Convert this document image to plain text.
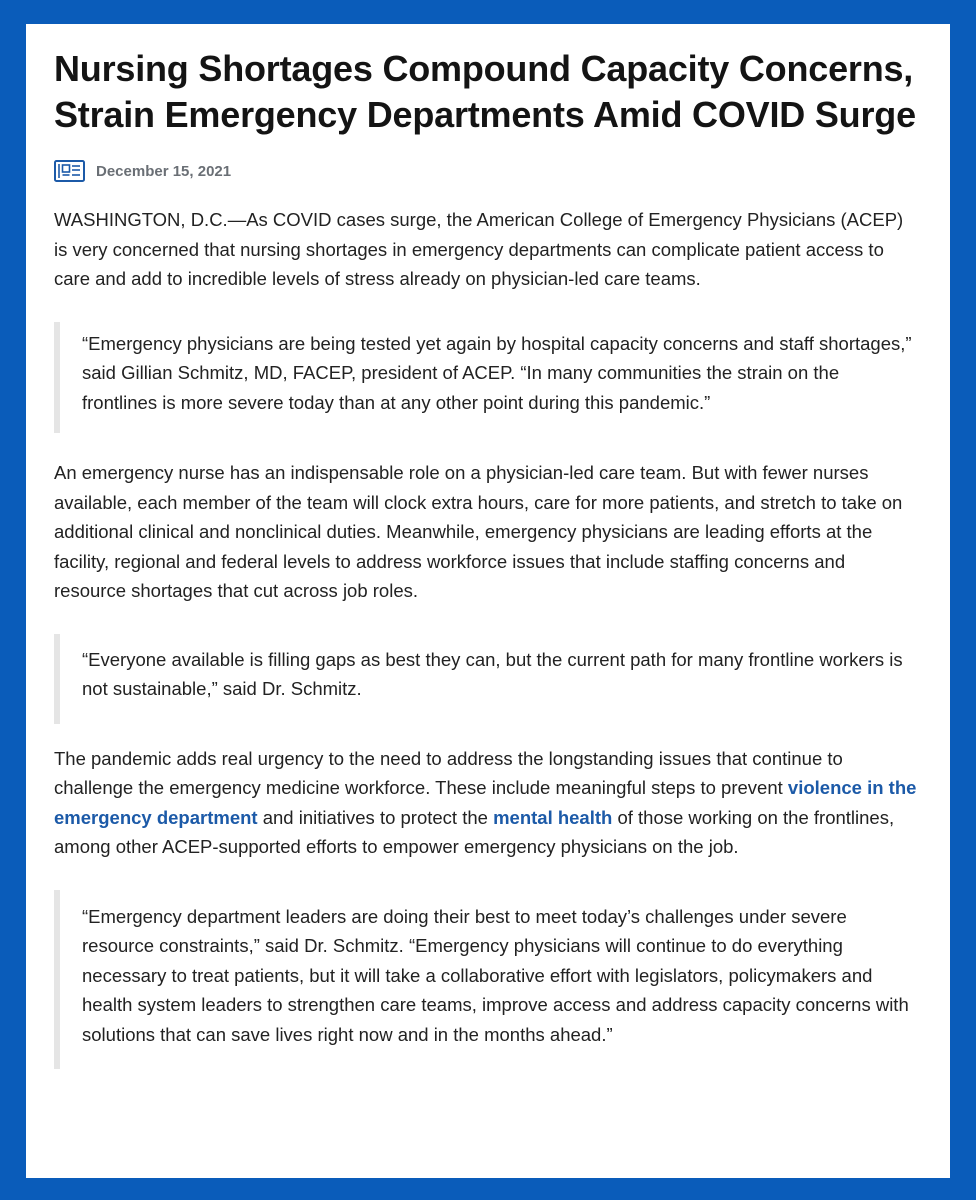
Nursing Shortages Compound Capacity Concerns, Strain Emergency Departments Amid COVID Surge
December 15, 2021

WASHINGTON, D.C.—As COVID cases surge, the American College of Emergency Physicians (ACEP) is very concerned that nursing shortages in emergency departments can complicate patient access to care and add to incredible levels of stress already on physician-led care teams.

“Emergency physicians are being tested yet again by hospital capacity concerns and staff shortages,” said Gillian Schmitz, MD, FACEP, president of ACEP. “In many communities the strain on the frontlines is more severe today than at any other point during this pandemic.”

An emergency nurse has an indispensable role on a physician-led care team. But with fewer nurses available, each member of the team will clock extra hours, care for more patients, and stretch to take on additional clinical and nonclinical duties. Meanwhile, emergency physicians are leading efforts at the facility, regional and federal levels to address workforce issues that include staffing concerns and resource shortages that cut across job roles.

“Everyone available is filling gaps as best they can, but the current path for many frontline workers is not sustainable,” said Dr. Schmitz.

The pandemic adds real urgency to the need to address the longstanding issues that continue to challenge the emergency medicine workforce. These include meaningful steps to prevent violence in the emergency department and initiatives to protect the mental health of those working on the frontlines, among other ACEP-supported efforts to empower emergency physicians on the job.

“Emergency department leaders are doing their best to meet today’s challenges under severe resource constraints,” said Dr. Schmitz. “Emergency physicians will continue to do everything necessary to treat patients, but it will take a collaborative effort with legislators, policymakers and health system leaders to strengthen care teams, improve access and address capacity concerns with solutions that can save lives right now and in the months ahead.”
